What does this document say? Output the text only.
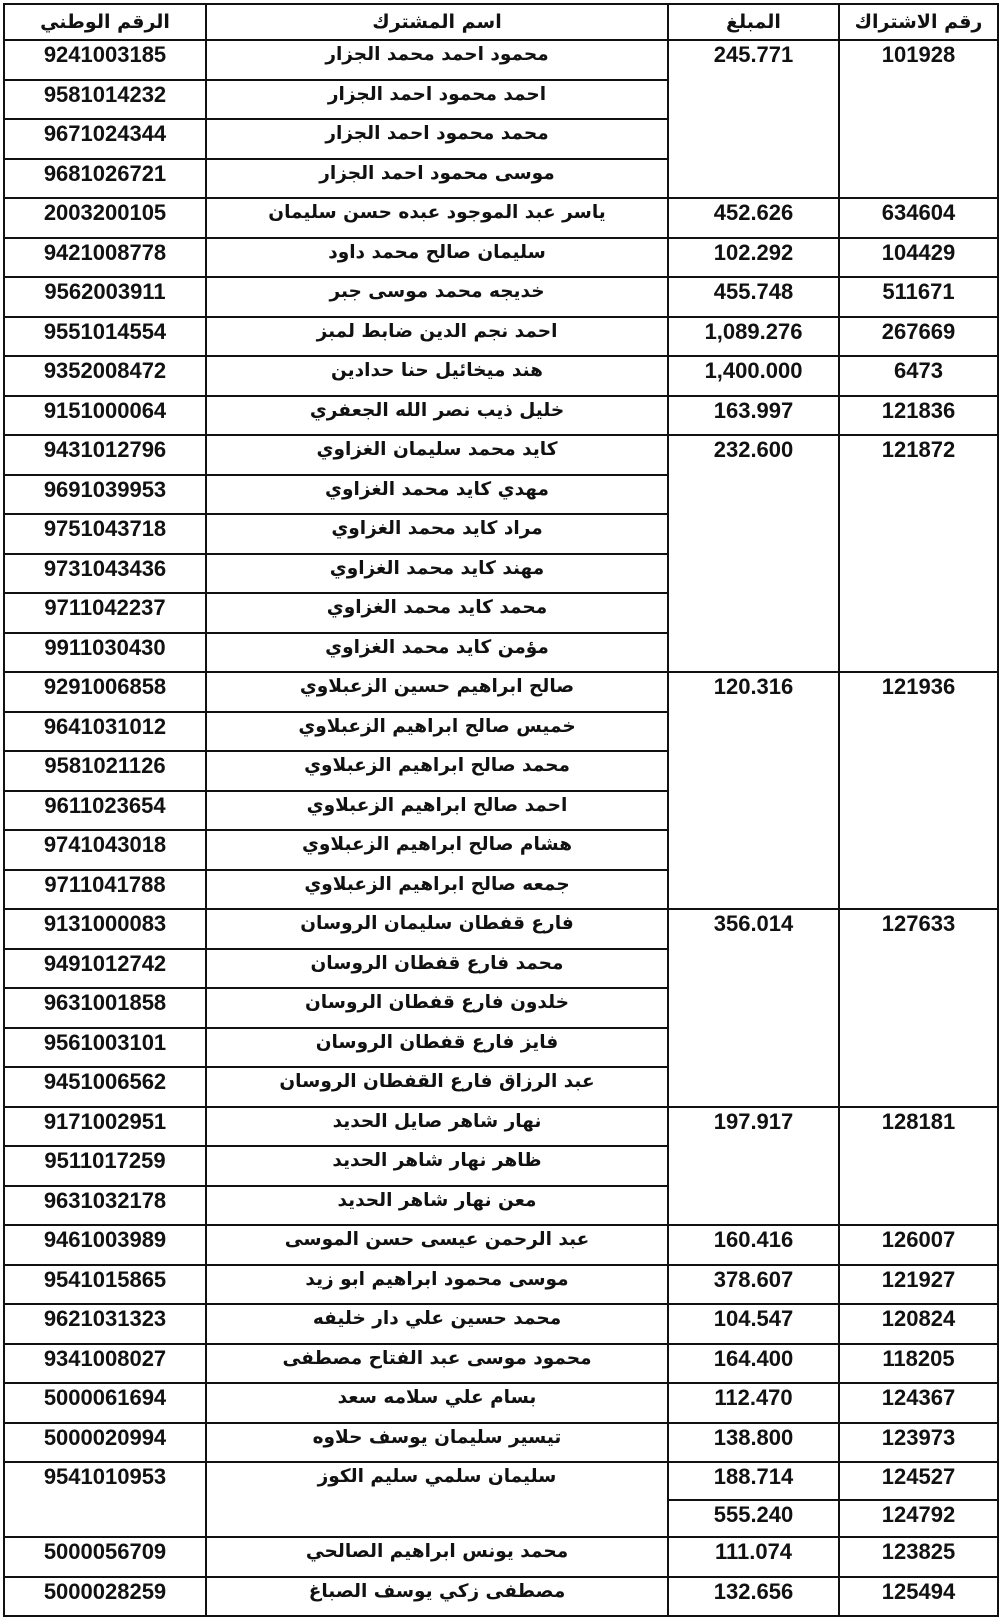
رقم الاشتراك	المبلغ	اسم المشترك	الرقم الوطني
101928	245.771	محمود احمد محمد الجزار	9241003185
		احمد محمود احمد الجزار	9581014232
		محمد محمود احمد الجزار	9671024344
		موسى محمود احمد الجزار	9681026721
634604	452.626	ياسر عبد الموجود عبده حسن سليمان	2003200105
104429	102.292	سليمان صالح محمد داود	9421008778
511671	455.748	خديجه محمد موسى جبر	9562003911
267669	1,089.276	احمد نجم الدين ضابط لمبز	9551014554
6473	1,400.000	هند ميخائيل حنا حدادين	9352008472
121836	163.997	خليل ذيب نصر الله الجعفري	9151000064
121872	232.600	كايد محمد سليمان الغزاوي	9431012796
		مهدي كايد محمد الغزاوي	9691039953
		مراد كايد محمد الغزاوي	9751043718
		مهند كايد محمد الغزاوي	9731043436
		محمد كايد محمد الغزاوي	9711042237
		مؤمن كايد محمد الغزاوي	9911030430
121936	120.316	صالح ابراهيم حسين الزعبلاوي	9291006858
		خميس صالح ابراهيم الزعبلاوي	9641031012
		محمد صالح ابراهيم الزعبلاوي	9581021126
		احمد صالح ابراهيم الزعبلاوي	9611023654
		هشام صالح ابراهيم الزعبلاوي	9741043018
		جمعه صالح ابراهيم الزعبلاوي	9711041788
127633	356.014	فارع قفطان سليمان الروسان	9131000083
		محمد فارع قفطان الروسان	9491012742
		خلدون فارع قفطان الروسان	9631001858
		فايز فارع قفطان الروسان	9561003101
		عبد الرزاق فارع القفطان الروسان	9451006562
128181	197.917	نهار شاهر صايل الحديد	9171002951
		ظاهر نهار شاهر الحديد	9511017259
		معن نهار شاهر الحديد	9631032178
126007	160.416	عبد الرحمن عيسى حسن الموسى	9461003989
121927	378.607	موسى محمود ابراهيم ابو زيد	9541015865
120824	104.547	محمد حسين علي دار خليفه	9621031323
118205	164.400	محمود موسى عبد الفتاح مصطفى	9341008027
124367	112.470	بسام علي سلامه سعد	5000061694
123973	138.800	تيسير سليمان يوسف حلاوه	5000020994
124527	188.714	سليمان سلمي سليم الكوز	9541010953
124792	555.240		
123825	111.074	محمد يونس ابراهيم الصالحي	5000056709
125494	132.656	مصطفى زكي يوسف الصباغ	5000028259
